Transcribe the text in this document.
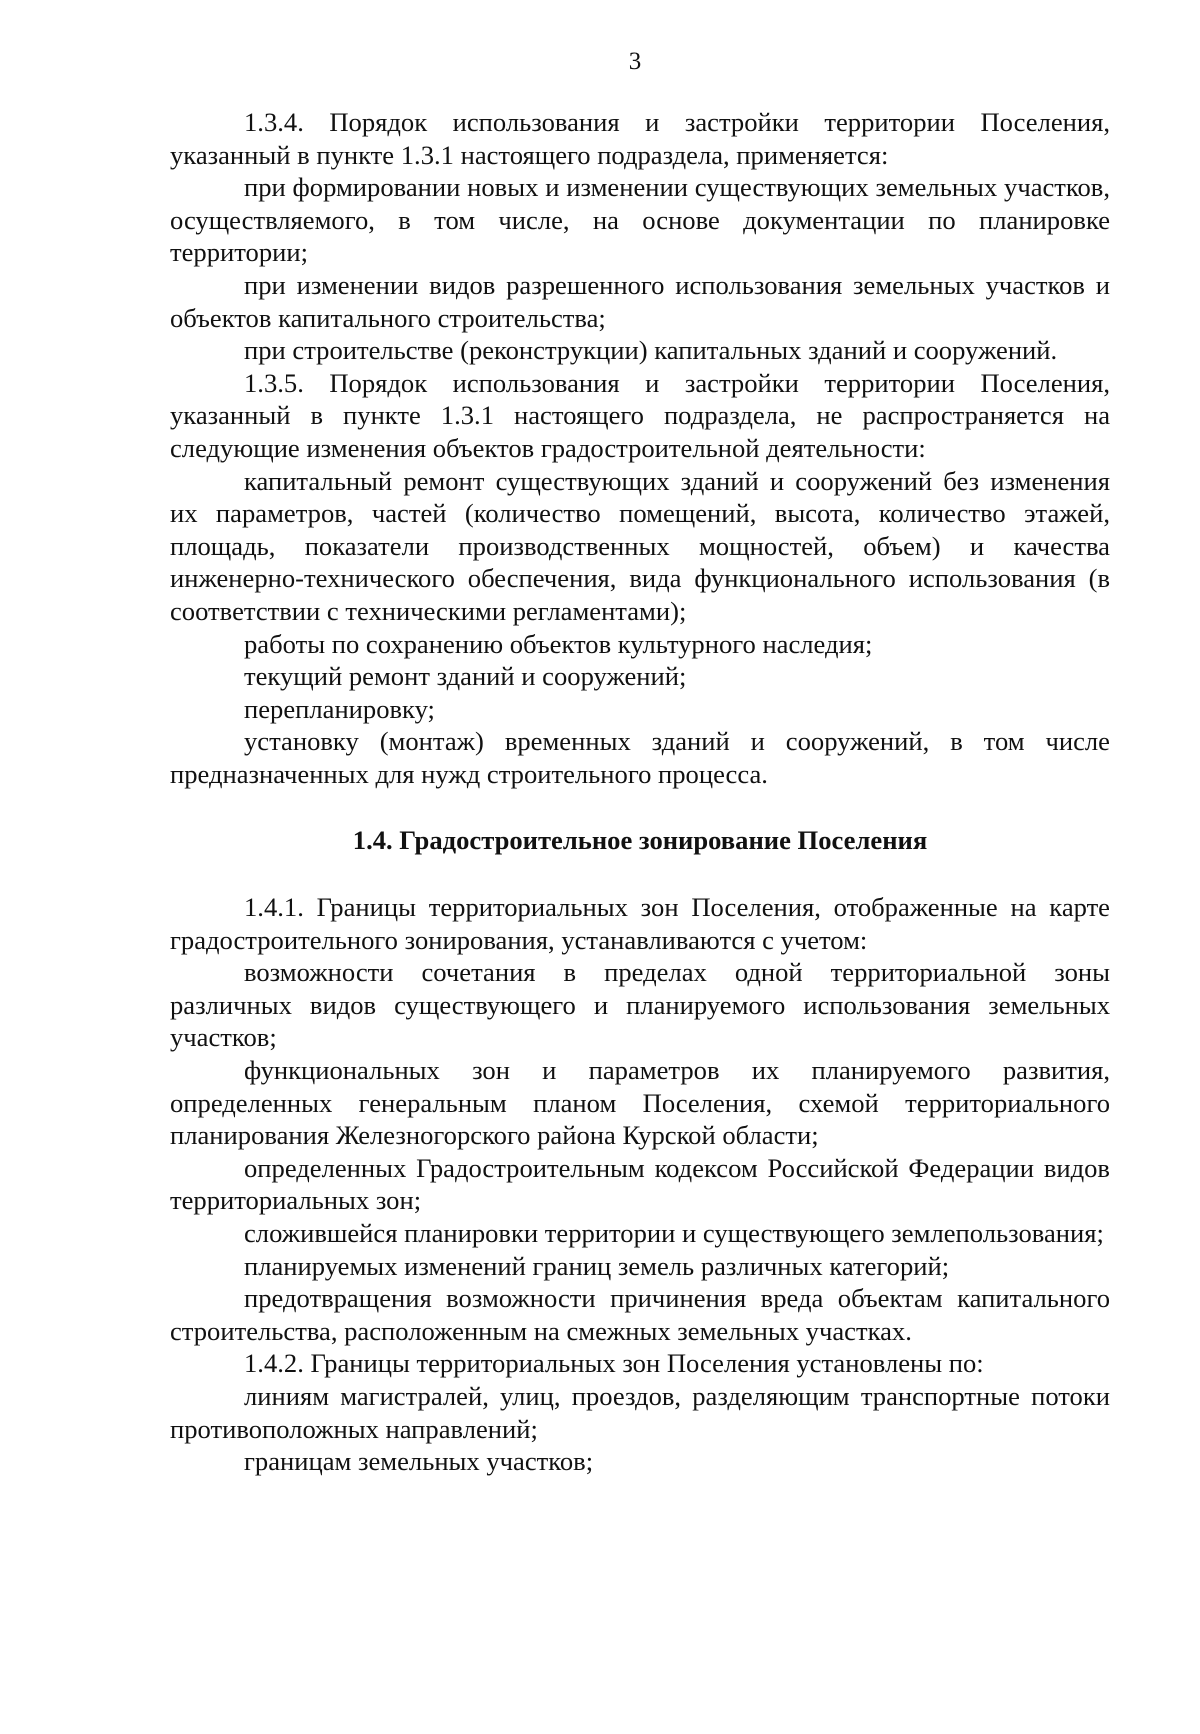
3

1.3.4. Порядок использования и застройки территории Поселения, указанный в пункте 1.3.1 настоящего подраздела, применяется:

при формировании новых и изменении существующих земельных участков, осуществляемого, в том числе, на основе документации по планировке территории;

при изменении видов разрешенного использования земельных участков и объектов капитального строительства;

при строительстве (реконструкции) капитальных зданий и сооружений.

1.3.5. Порядок использования и застройки территории Поселения, указанный в пункте 1.3.1 настоящего подраздела, не распространяется на следующие изменения объектов градостроительной деятельности:

капитальный ремонт существующих зданий и сооружений без изменения их параметров, частей (количество помещений, высота, количество этажей, площадь, показатели производственных мощностей, объем) и качества инженерно-технического обеспечения, вида функционального использования (в соответствии с техническими регламентами);

работы по сохранению объектов культурного наследия;

текущий ремонт зданий и сооружений;

перепланировку;

установку (монтаж) временных зданий и сооружений, в том числе предназначенных для нужд строительного процесса.

1.4. Градостроительное зонирование Поселения

1.4.1. Границы территориальных зон Поселения, отображенные на карте градостроительного зонирования, устанавливаются с учетом:

возможности сочетания в пределах одной территориальной зоны различных видов существующего и планируемого использования земельных участков;

функциональных зон и параметров их планируемого развития, определенных генеральным планом Поселения, схемой территориального планирования Железногорского района Курской области;

определенных Градостроительным кодексом Российской Федерации видов территориальных зон;

сложившейся планировки территории и существующего землепользования;

планируемых изменений границ земель различных категорий;

предотвращения возможности причинения вреда объектам капитального строительства, расположенным на смежных земельных участках.

1.4.2. Границы территориальных зон Поселения установлены по:

линиям магистралей, улиц, проездов, разделяющим транспортные потоки противоположных направлений;

границам земельных участков;
